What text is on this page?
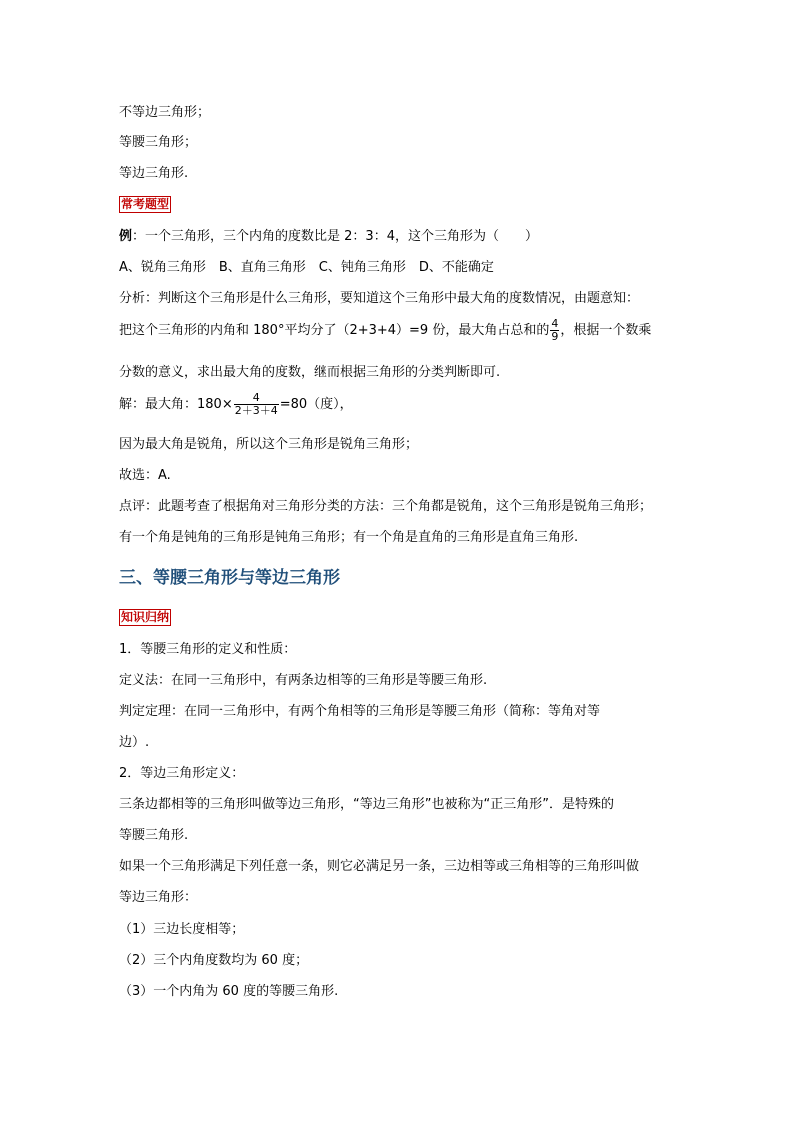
不等边三角形；
等腰三角形；
等边三角形.
常考题型
例：一个三角形，三个内角的度数比是 2：3：4，这个三角形为（　　）
A、锐角三角形　B、直角三角形　C、钝角三角形　D、不能确定
分析：判断这个三角形是什么三角形，要知道这个三角形中最大角的度数情况，由题意知：
把这个三角形的内角和 180°平均分了（2+3+4）=9 份，最大角占总和的 $\frac{4}{9}$ ，根据一个数乘
分数的意义，求出最大角的度数，继而根据三角形的分类判断即可.
解：最大角：$180\times \frac{4}{2+3+4} =80$（度），
因为最大角是锐角，所以这个三角形是锐角三角形；
故选：A.
点评：此题考查了根据角对三角形分类的方法：三个角都是锐角，这个三角形是锐角三角形；
有一个角是钝角的三角形是钝角三角形；有一个角是直角的三角形是直角三角形.
三、等腰三角形与等边三角形
知识归纳
1．等腰三角形的定义和性质：
定义法：在同一三角形中，有两条边相等的三角形是等腰三角形.
判定定理：在同一三角形中，有两个角相等的三角形是等腰三角形（简称：等角对等
边）.
2．等边三角形定义：
三条边都相等的三角形叫做等边三角形，“等边三角形”也被称为“正三角形”．是特殊的
等腰三角形.
如果一个三角形满足下列任意一条，则它必满足另一条，三边相等或三角相等的三角形叫做
等边三角形：
（1）三边长度相等；
（2）三个内角度数均为 60 度；
（3）一个内角为 60 度的等腰三角形.
